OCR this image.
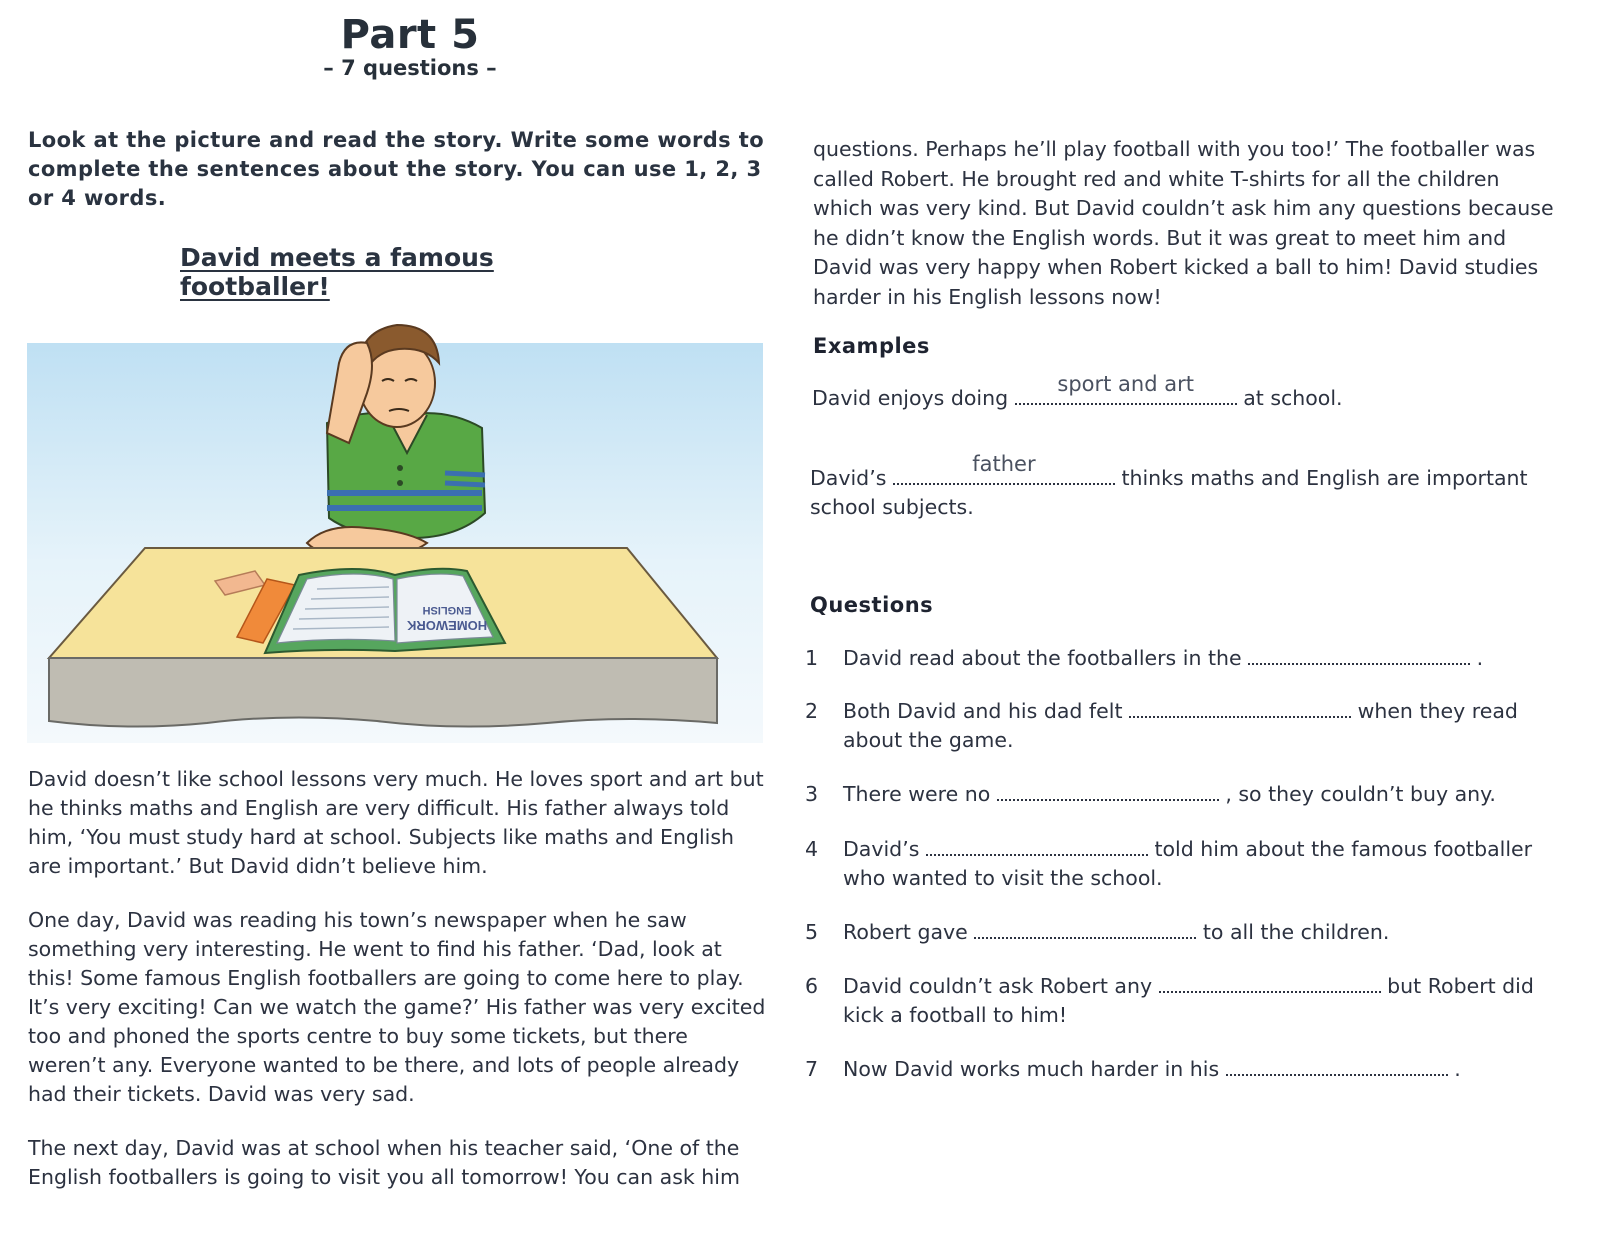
Part 5
– 7 questions –
Look at the picture and read the story. Write some words to complete the sentences about the story. You can use 1, 2, 3 or 4 words.
David meets a famous footballer!
HOMEWORK
ENGLISH
David doesn’t like school lessons very much. He loves sport and art but he thinks maths and English are very difficult. His father always told him, ‘You must study hard at school. Subjects like maths and English are important.’ But David didn’t believe him.
One day, David was reading his town’s newspaper when he saw something very interesting. He went to find his father. ‘Dad, look at this! Some famous English footballers are going to come here to play. It’s very exciting! Can we watch the game?’ His father was very excited too and phoned the sports centre to buy some tickets, but there weren’t any. Everyone wanted to be there, and lots of people already had their tickets. David was very sad.
The next day, David was at school when his teacher said, ‘One of the English footballers is going to visit you all tomorrow! You can ask him
questions. Perhaps he’ll play football with you too!’ The footballer was called Robert. He brought red and white T-shirts for all the children which was very kind. But David couldn’t ask him any questions because he didn’t know the English words. But it was great to meet him and David was very happy when Robert kicked a ball to him! David studies harder in his English lessons now!
Examples
David enjoys doing
sport and art
at school.
David’s
father
thinks maths and English are important
school subjects.
Questions
1	David read about the footballers in the	.
2	Both David and his dad felt	when they read
about the game.
3	There were no	, so they couldn’t buy any.
4	David’s	told him about the famous footballer
who wanted to visit the school.
5	Robert gave	to all the children.
6	David couldn’t ask Robert any	but Robert did
kick a football to him!
7	Now David works much harder in his	.
